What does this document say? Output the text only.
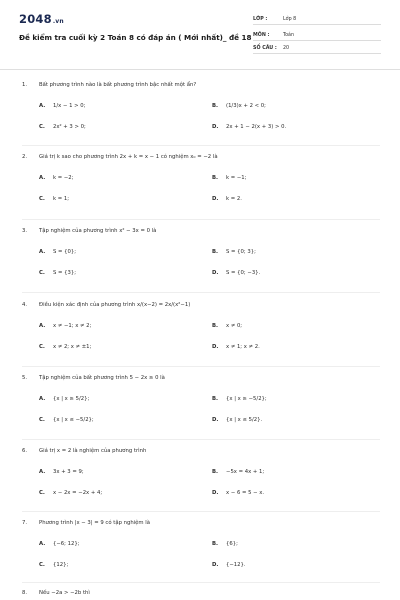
2048.vn
Đề kiểm tra cuối kỳ 2 Toán 8 có đáp án ( Mới nhất)_ đề 18
LỚP :	Lớp 8
MÔN :	Toán
SỐ CÂU : 20
1. Bất phương trình nào là bất phương trình bậc nhất một ẩn?
A. 1/x − 1 > 0;	B. (1/3)x + 2 < 0;
C. 2x² + 3 > 0;	D. 2x + 1 − 2(x + 3) > 0.
2. Giá trị k sao cho phương trình 2x + k = x − 1 có nghiệm x₀ = −2 là
A. k = −2;	B. k = −1;
C. k = 1;	D. k = 2.
3. Tập nghiệm của phương trình x² − 3x = 0 là
A. S = {0};	B. S = {0; 3};
C. S = {3};	D. S = {0; −3}.
4. Điều kiện xác định của phương trình x/(x−2) = 2x/(x²−1)
A. x ≠ −1; x ≠ 2;	B. x ≠ 0;
C. x ≠ 2; x ≠ ±1;	D. x ≠ 1; x ≠ 2.
5. Tập nghiệm của bất phương trình 5 − 2x ≥ 0 là
A. {x | x ≥ 5/2};	B. {x | x ≥ −5/2};
C. {x | x ≤ −5/2};	D. {x | x ≤ 5/2}.
6. Giá trị x = 2 là nghiệm của phương trình
A. 3x + 3 = 9;	B. −5x = 4x + 1;
C. x − 2x = −2x + 4;	D. x − 6 = 5 − x.
7. Phương trình |x − 3| = 9 có tập nghiệm là
A. {−6; 12};	B. {6};
C. {12};	D. {−12}.
8. Nếu −2a > −2b thì
